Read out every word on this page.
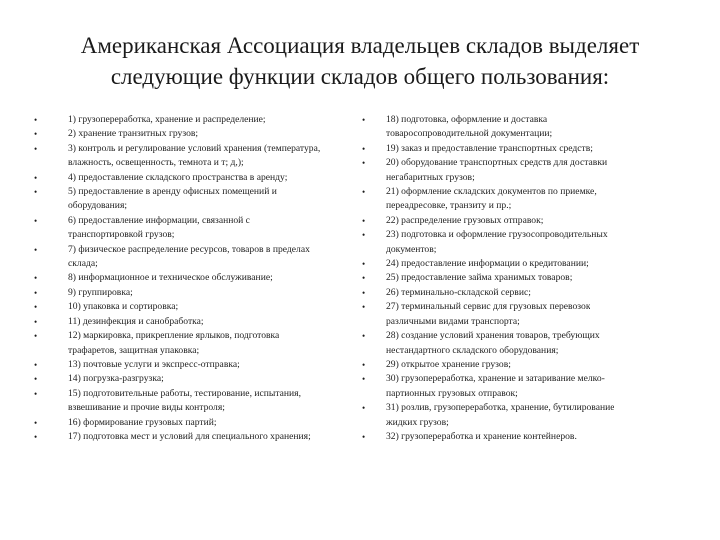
Американская Ассоциация владельцев складов выделяет
следующие функции складов общего пользования:
•	1) грузопереработка, хранение и распределение;
•	2) хранение транзитных грузов;
•	3) контроль и регулирование условий хранения (температура,
влажность, освещенность, темнота и т; д,);
•	4) предоставление складского пространства в аренду;
•	5) предоставление в аренду офисных помещений и
оборудования;
•	6) предоставление информации, связанной с
транспортировкой грузов;
•	7) физическое распределение ресурсов, товаров в пределах
склада;
•	8) информационное и техническое обслуживание;
•	9) группировка;
•	10) упаковка и сортировка;
•	11) дезинфекция и санобработка;
•	12) маркировка, прикрепление ярлыков, подготовка
трафаретов, защитная упаковка;
•	13) почтовые услуги и экспресс-отправка;
•	14) погрузка-разгрузка;
•	15) подготовительные работы, тестирование, испытания,
взвешивание и прочие виды контроля;
•	16) формирование грузовых партий;
•	17) подготовка мест и условий для специального хранения;
•	18) подготовка, оформление и доставка
товаросопроводительной документации;
•	19) заказ и предоставление транспортных средств;
•	20) оборудование транспортных средств для доставки
негабаритных грузов;
•	21) оформление складских документов по приемке,
переадресовке, транзиту и пр.;
•	22) распределение грузовых отправок;
•	23) подготовка и оформление грузосопроводительных
документов;
•	24) предоставление информации о кредитовании;
•	25) предоставление займа хранимых товаров;
•	26) терминально-складской сервис;
•	27) терминальный сервис для грузовых перевозок
различными видами транспорта;
•	28) создание условий хранения товаров, требующих
нестандартного складского оборудования;
•	29) открытое хранение грузов;
•	30) грузопереработка, хранение и затаривание мелко-
партионных грузовых отправок;
•	31) розлив, грузопереработка, хранение, бутилирование
жидких грузов;
•	32) грузопереработка и хранение контейнеров.
